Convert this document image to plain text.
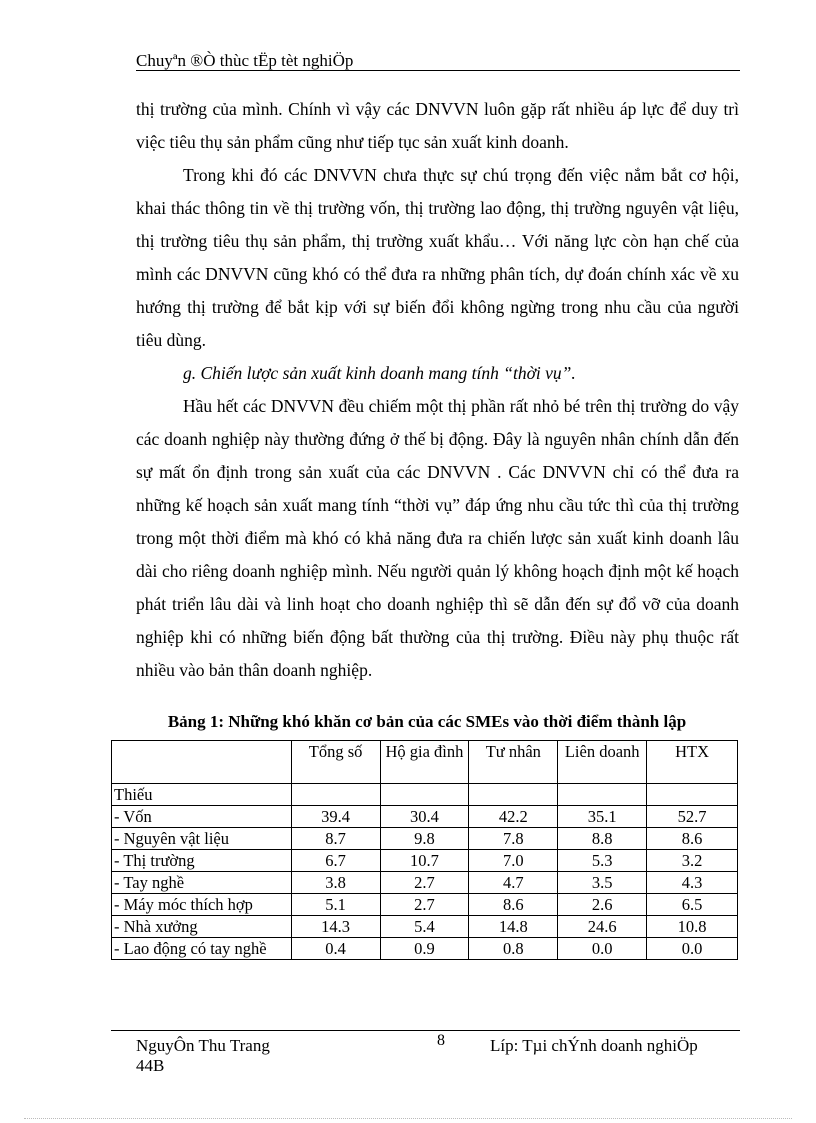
Chuyªn ®Ò thùc tËp tèt nghiÖp

thị trường của mình. Chính vì vậy các DNVVN luôn gặp rất nhiều áp lực để duy trì việc tiêu thụ sản phẩm cũng như tiếp tục sản xuất kinh doanh.

Trong khi đó các DNVVN chưa thực sự chú trọng đến việc nắm bắt cơ hội, khai thác thông tin về thị trường vốn, thị trường lao động, thị trường nguyên vật liệu, thị trường tiêu thụ sản phẩm, thị trường xuất khẩu… Với năng lực còn hạn chế của mình các DNVVN cũng khó có thể đưa ra những phân tích, dự đoán chính xác về xu hướng thị trường để bắt kịp với sự biến đổi không ngừng trong nhu cầu của người tiêu dùng.

g. Chiến lược sản xuất kinh doanh mang tính “thời vụ”.

Hầu hết các DNVVN đều chiếm một thị phần rất nhỏ bé trên thị trường do vậy các doanh nghiệp này thường đứng ở thế bị động. Đây là nguyên nhân chính dẫn đến sự mất ổn định trong sản xuất của các DNVVN . Các DNVVN chỉ có thể đưa ra những kế hoạch sản xuất mang tính “thời vụ” đáp ứng nhu cầu tức thì của thị trường trong một thời điểm mà khó có khả năng đưa ra chiến lược sản xuất kinh doanh lâu dài cho riêng doanh nghiệp mình. Nếu người quản lý không hoạch định một kế hoạch phát triển lâu dài và linh hoạt cho doanh nghiệp thì sẽ dẫn đến sự đổ vỡ của doanh nghiệp khi có những biến động bất thường của thị trường. Điều này phụ thuộc rất nhiều vào bản thân doanh nghiệp.

Bảng 1: Những khó khăn cơ bản của các SMEs vào thời điểm thành lập
	Tổng số	Hộ gia đình	Tư nhân	Liên doanh	HTX
Thiếu					
- Vốn	39.4	30.4	42.2	35.1	52.7
- Nguyên vật liệu	8.7	9.8	7.8	8.8	8.6
- Thị trường	6.7	10.7	7.0	5.3	3.2
- Tay nghề	3.8	2.7	4.7	3.5	4.3
- Máy móc thích hợp	5.1	2.7	8.6	2.6	6.5
- Nhà xưởng	14.3	5.4	14.8	24.6	10.8
- Lao động có tay nghề	0.4	0.9	0.8	0.0	0.0
NguyÔn Thu Trang
44B
8	Líp: Tµi chÝnh doanh nghiÖp
